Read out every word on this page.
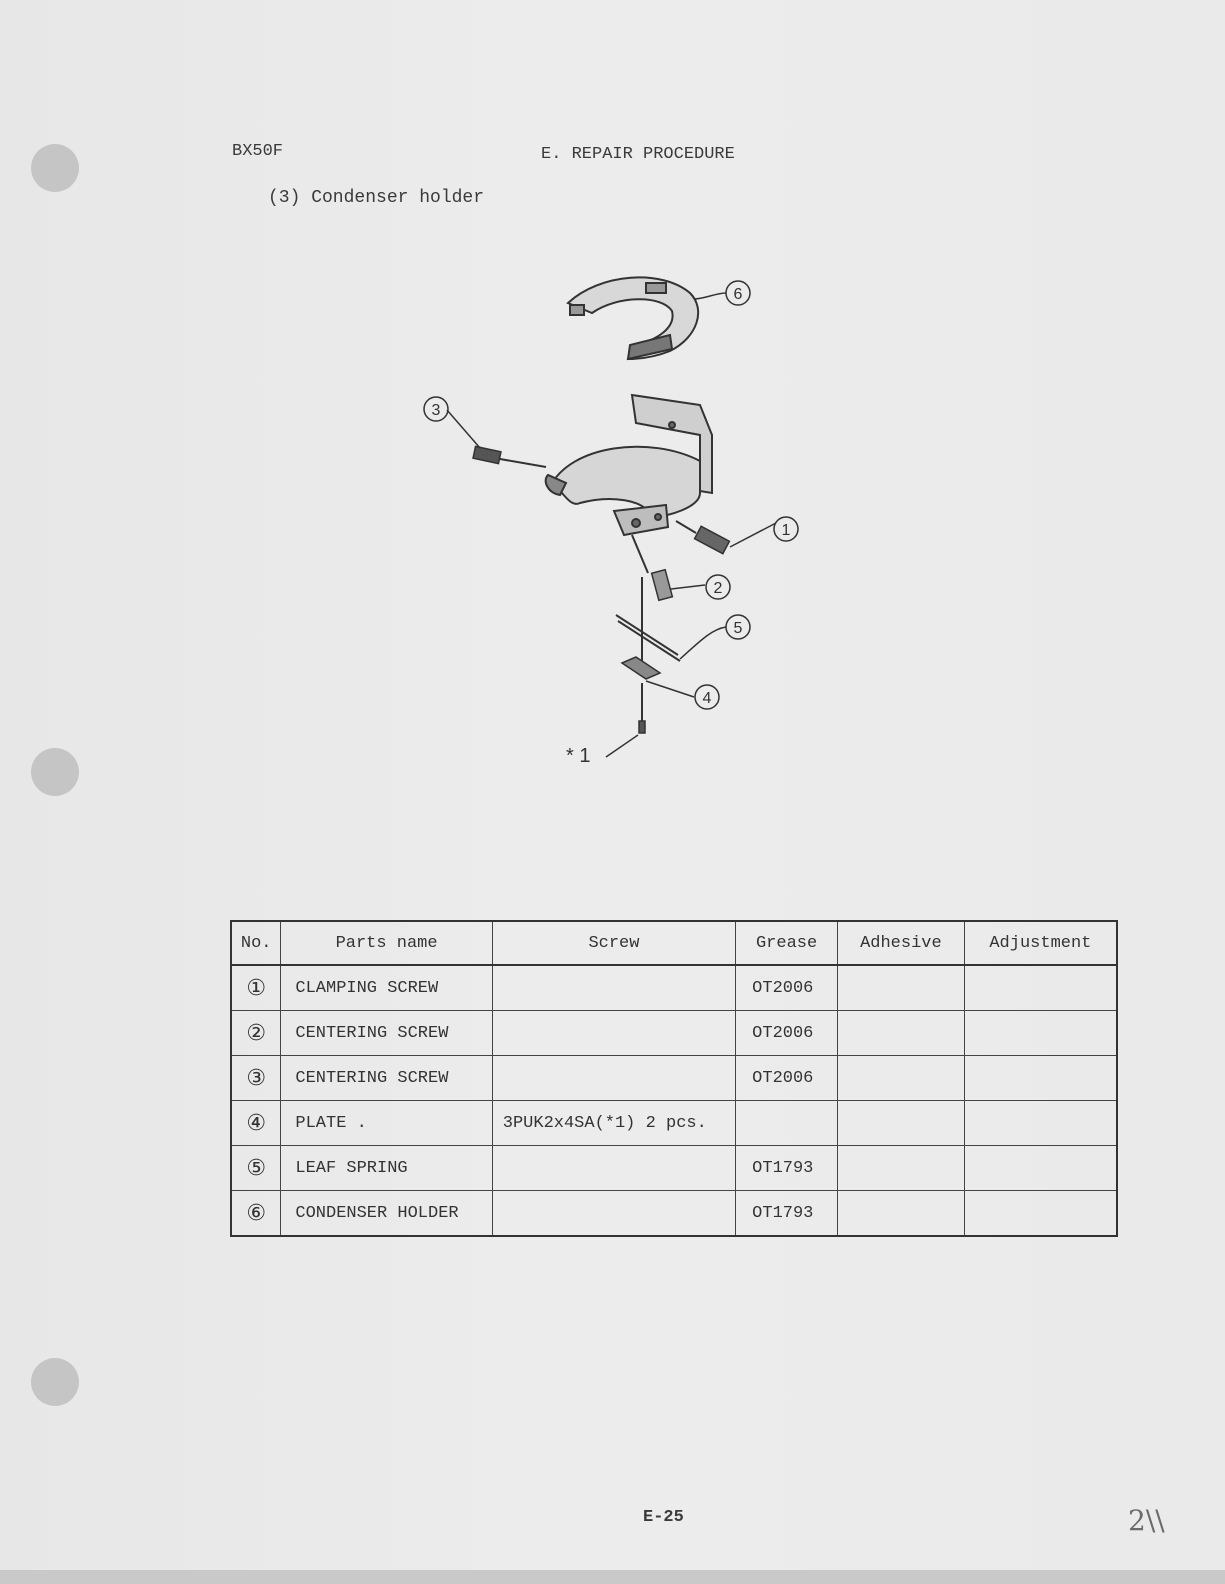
BX50F	E. REPAIR PROCEDURE
(3) Condenser holder
1
2
3
4
5
6
* 1
No.	Parts name	Screw	Grease	Adhesive	Adjustment
①	CLAMPING SCREW		OT2006		
②	CENTERING SCREW		OT2006		
③	CENTERING SCREW		OT2006		
④	PLATE .	3PUK2x4SA(*1) 2 pcs.			
⑤	LEAF SPRING		OT1793		
⑥	CONDENSER HOLDER		OT1793		
E-25	2\\
